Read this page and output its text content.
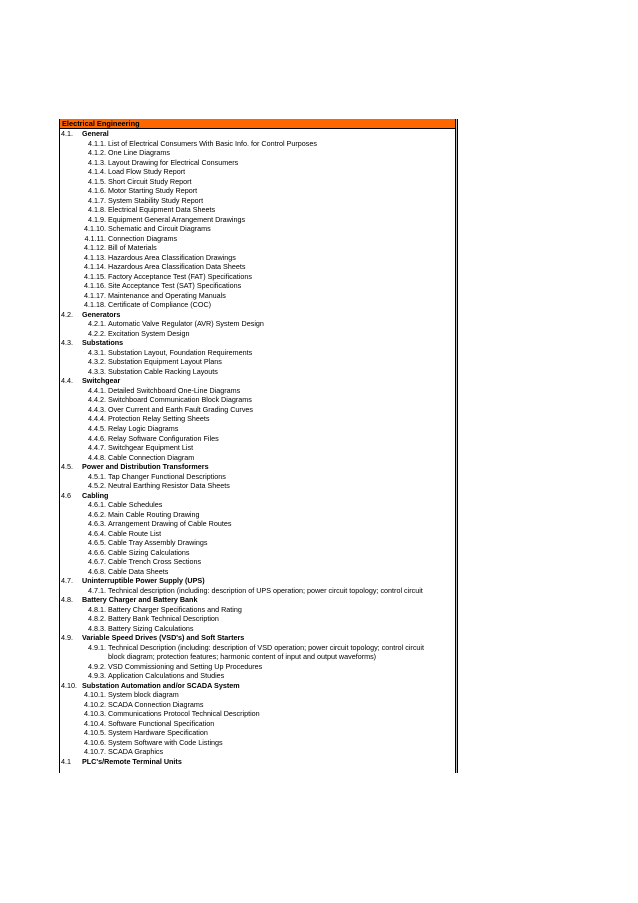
Electrical Engineering
4.1.	General
4.1.1. List of Electrical Consumers With Basic Info. for Control Purposes
4.1.2. One Line Diagrams
4.1.3. Layout Drawing for Electrical Consumers
4.1.4. Load Flow Study Report
4.1.5. Short Circuit Study Report
4.1.6. Motor Starting Study Report
4.1.7. System Stability Study Report
4.1.8. Electrical Equipment Data Sheets
4.1.9. Equipment General Arrangement Drawings
4.1.10. Schematic and Circuit Diagrams
4.1.11. Connection Diagrams
4.1.12. Bill of Materials
4.1.13. Hazardous Area Classification Drawings
4.1.14. Hazardous Area Classification Data Sheets
4.1.15. Factory Acceptance Test (FAT) Specifications
4.1.16. Site Acceptance Test (SAT) Specifications
4.1.17. Maintenance and Operating Manuals
4.1.18. Certificate of Compliance (COC)
4.2.	Generators
4.2.1. Automatic Valve Regulator (AVR) System Design
4.2.2. Excitation System Design
4.3.	Substations
4.3.1. Substation Layout, Foundation Requirements
4.3.2. Substation Equipment Layout Plans
4.3.3. Substation Cable Racking Layouts
4.4.	Switchgear
4.4.1. Detailed Switchboard One-Line Diagrams
4.4.2. Switchboard Communication Block Diagrams
4.4.3. Over Current and Earth Fault Grading Curves
4.4.4. Protection Relay Setting Sheets
4.4.5. Relay Logic Diagrams
4.4.6. Relay Software Configuration Files
4.4.7. Switchgear Equipment List
4.4.8. Cable Connection Diagram
4.5.	Power and Distribution Transformers
4.5.1. Tap Changer Functional Descriptions
4.5.2. Neutral Earthing Resistor Data Sheets
4.6	Cabling
4.6.1. Cable Schedules
4.6.2. Main Cable Routing Drawing
4.6.3. Arrangement Drawing of Cable Routes
4.6.4. Cable Route List
4.6.5. Cable Tray Assembly Drawings
4.6.6. Cable Sizing Calculations
4.6.7. Cable Trench Cross Sections
4.6.8. Cable Data Sheets
4.7.	Uninterruptible Power Supply (UPS)
4.7.1. Technical description (including: description of UPS operation; power circuit topology; control circuit
4.8.	Battery Charger and Battery Bank
4.8.1. Battery Charger Specifications and Rating
4.8.2. Battery Bank Technical Description
4.8.3. Battery Sizing Calculations
4.9.	Variable Speed Drives (VSD's) and Soft Starters
4.9.1. Technical Description (including: description of VSD operation; power circuit topology; control circuit block diagram; protection features; harmonic content of input and output waveforms)
4.9.2. VSD Commissioning and Setting Up Procedures
4.9.3. Application Calculations and Studies
4.10. Substation Automation and/or SCADA System
4.10.1. System block diagram
4.10.2. SCADA Connection Diagrams
4.10.3. Communications Protocol Technical Description
4.10.4. Software Functional Specification
4.10.5. System Hardware Specification
4.10.6. System Software with Code Listings
4.10.7. SCADA Graphics
4.1	PLC's/Remote Terminal Units
